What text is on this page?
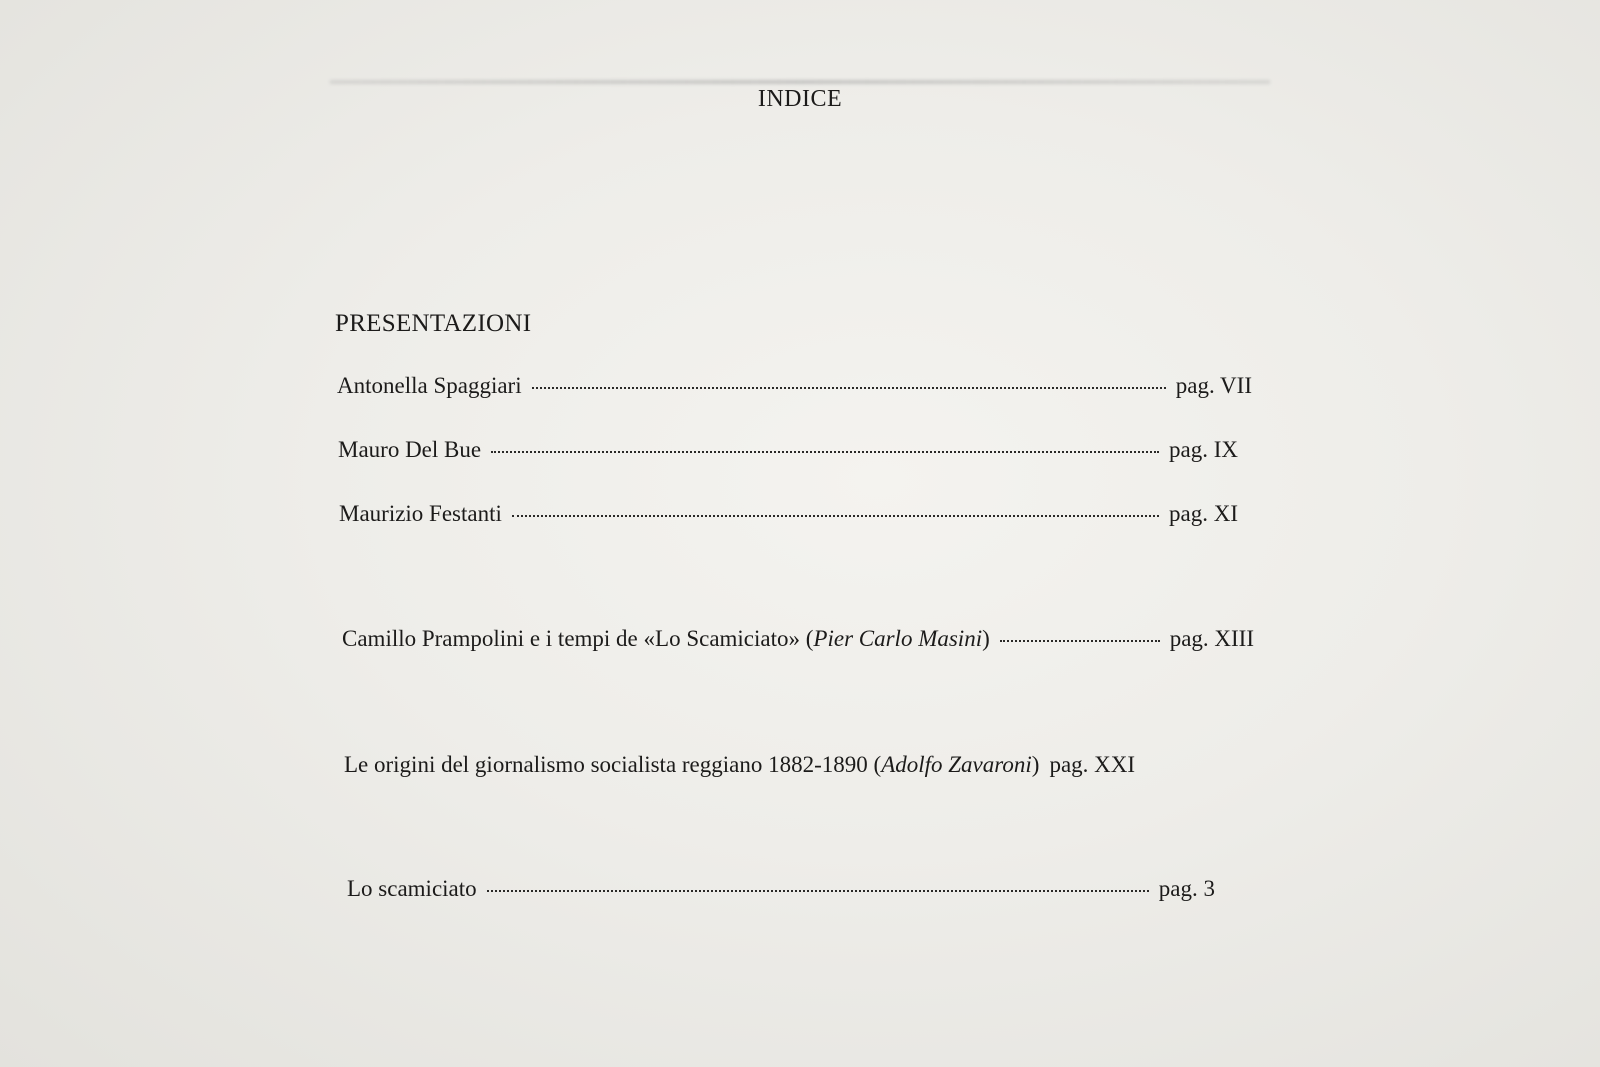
INDICE
PRESENTAZIONI
Antonella Spaggiari	pag. VII
Mauro Del Bue	pag. IX
Maurizio Festanti	pag. XI
Camillo Prampolini e i tempi de «Lo Scamiciato» (Pier Carlo Masini)	pag. XIII
Le origini del giornalismo socialista reggiano 1882-1890 (Adolfo Zavaroni) pag. XXI
Lo scamiciato	pag. 3
